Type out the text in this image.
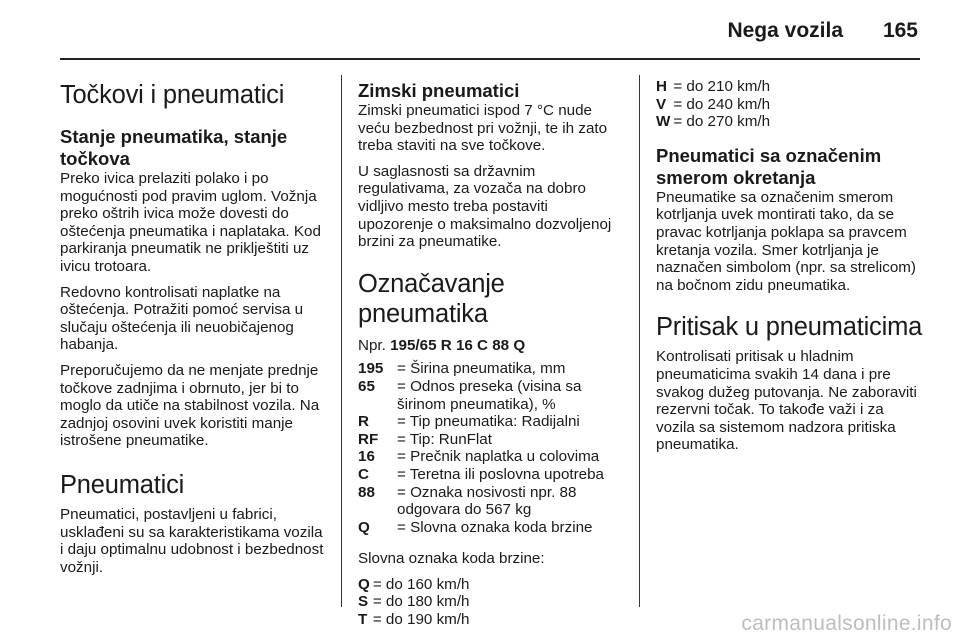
Nega vozila 165
Točkovi i pneumatici
Stanje pneumatika, stanje točkova

Preko ivica prelaziti polako i po mogućnosti pod pravim uglom. Vožnja preko oštrih ivica može dovesti do oštećenja pneumatika i naplataka. Kod parkiranja pneumatik ne priklještiti uz ivicu trotoara.

Redovno kontrolisati naplatke na oštećenja. Potražiti pomoć servisa u slučaju oštećenja ili neuobičajenog habanja.

Preporučujemo da ne menjate prednje točkove zadnjima i obrnuto, jer bi to moglo da utiče na stabilnost vozila. Na zadnjoj osovini uvek koristiti manje istrošene pneumatike.

Pneumatici

Pneumatici, postavljeni u fabrici, usklađeni su sa karakteristikama vozila i daju optimalnu udobnost i bezbednost vožnji.

Zimski pneumatici

Zimski pneumatici ispod 7 °C nude veću bezbednost pri vožnji, te ih zato treba staviti na sve točkove.

U saglasnosti sa državnim regulativama, za vozača na dobro vidljivo mesto treba postaviti upozorenje o maksimalno dozvoljenoj brzini za pneumatike.

Označavanje pneumatika

Npr. 195/65 R 16 C 88 Q

195 = Širina pneumatika, mm
65	= Odnos preseka (visina sa širinom pneumatika), %
R	= Tip pneumatika: Radijalni
RF	= Tip: RunFlat
16	= Prečnik naplatka u colovima
C	= Teretna ili poslovna upotreba
88	= Oznaka nosivosti npr. 88 odgovara do 567 kg
Q	= Slovna oznaka koda brzine

Slovna oznaka koda brzine:

Q = do 160 km/h
S = do 180 km/h
T = do 190 km/h
H = do 210 km/h
V = do 240 km/h
W = do 270 km/h
Pneumatici sa označenim smerom okretanja

Pneumatike sa označenim smerom kotrljanja uvek montirati tako, da se pravac kotrljanja poklapa sa pravcem kretanja vozila. Smer kotrljanja je naznačen simbolom (npr. sa strelicom) na bočnom zidu pneumatika.

Pritisak u pneumaticima

Kontrolisati pritisak u hladnim pneumaticima svakih 14 dana i pre svakog dužeg putovanja. Ne zaboraviti rezervni točak. To takođe važi i za vozila sa sistemom nadzora pritiska pneumatika.

carmanualsonline.info
